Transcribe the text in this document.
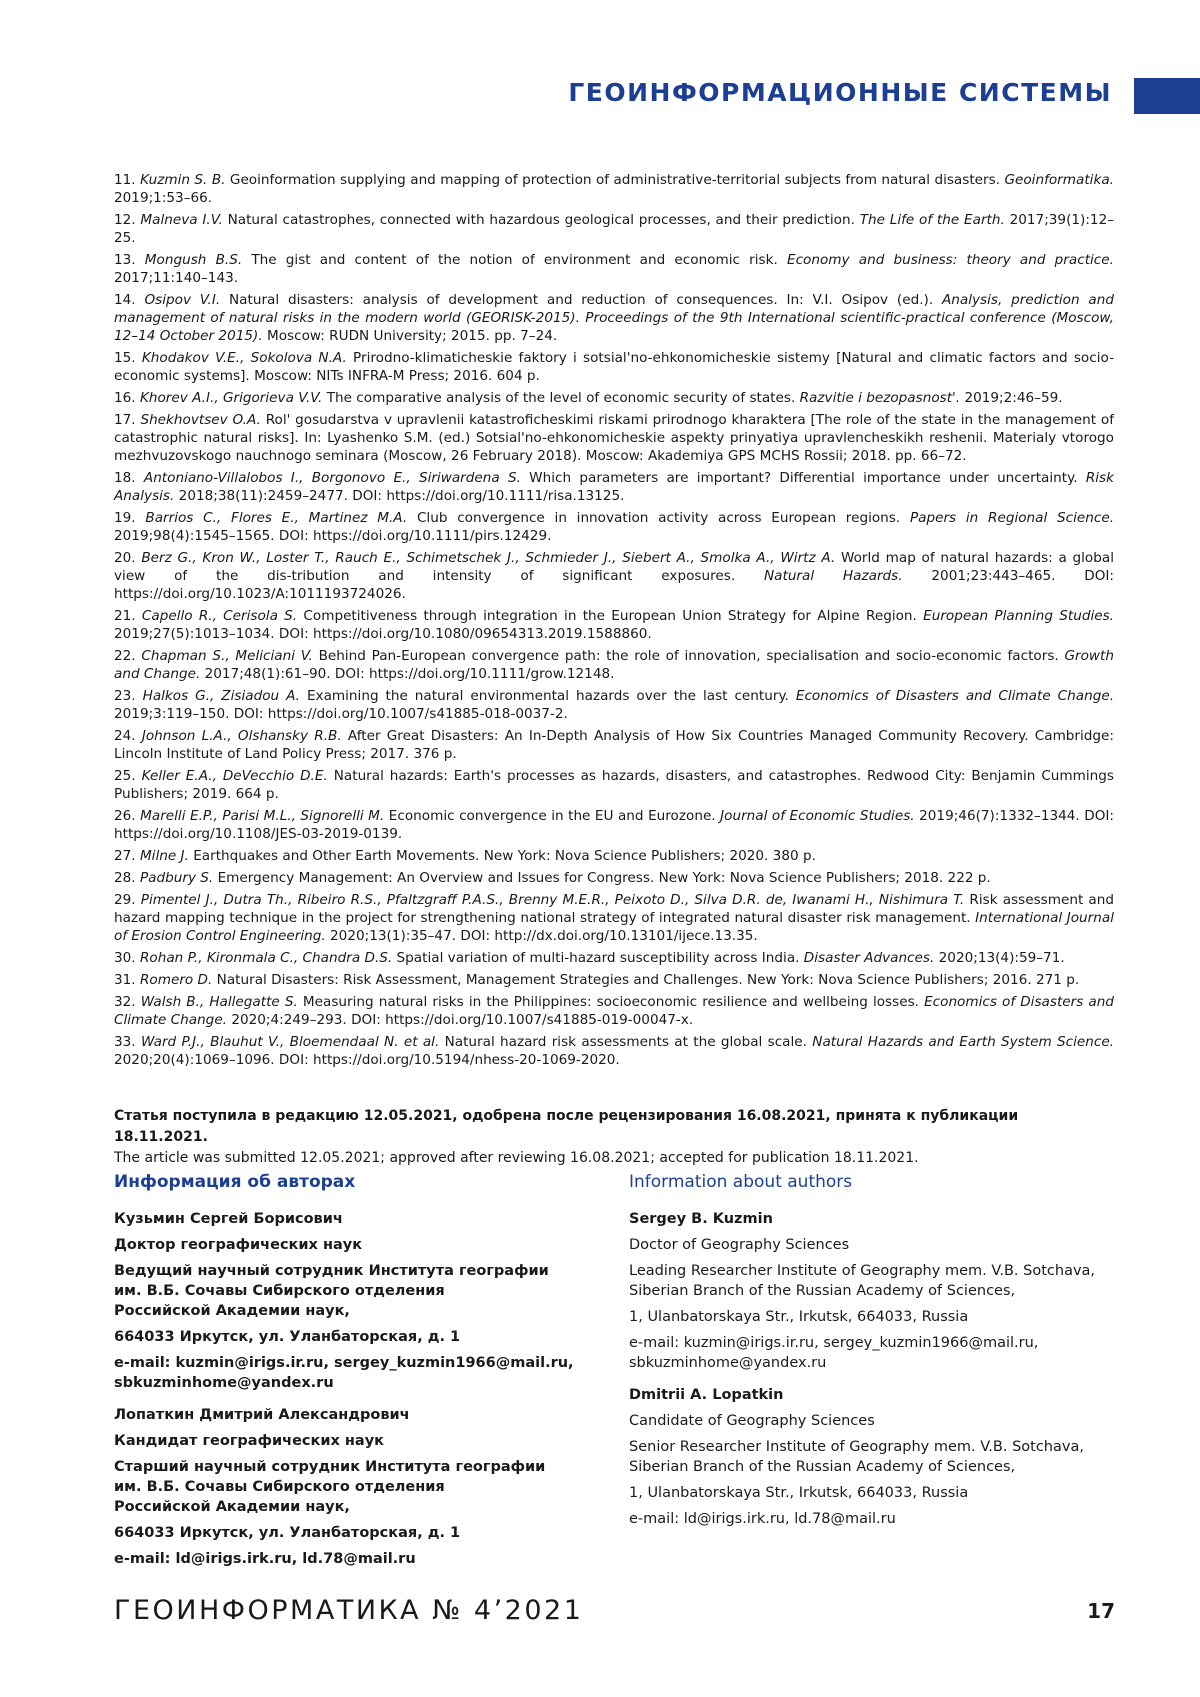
ГЕОИНФОРМАЦИОННЫЕ СИСТЕМЫ
11. Kuzmin S. B. Geoinformation supplying and mapping of protection of administrative-territorial subjects from natural disasters. Geoinformatika. 2019;1:53–66.
12. Malneva I.V. Natural catastrophes, connected with hazardous geological processes, and their prediction. The Life of the Earth. 2017;39(1):12–25.
13. Mongush B.S. The gist and content of the notion of environment and economic risk. Economy and business: theory and practice. 2017;11:140–143.
14. Osipov V.I. Natural disasters: analysis of development and reduction of consequences. In: V.I. Osipov (ed.). Analysis, prediction and management of natural risks in the modern world (GEORISK-2015). Proceedings of the 9th International scientific-practical conference (Moscow, 12–14 October 2015). Moscow: RUDN University; 2015. pp. 7–24.
15. Khodakov V.E., Sokolova N.A. Prirodno-klimaticheskie faktory i sotsial'no-ehkonomicheskie sistemy [Natural and climatic factors and socio-economic systems]. Moscow: NITs INFRA-M Press; 2016. 604 p.
16. Khorev A.I., Grigorieva V.V. The comparative analysis of the level of economic security of states. Razvitie i bezopasnost'. 2019;2:46–59.
17. Shekhovtsev O.A. Rol' gosudarstva v upravlenii katastroficheskimi riskami prirodnogo kharaktera [The role of the state in the management of catastrophic natural risks]. In: Lyashenko S.M. (ed.) Sotsial'no-ehkonomicheskie aspekty prinyatiya upravlencheskikh reshenii. Materialy vtorogo mezhvuzovskogo nauchnogo seminara (Moscow, 26 February 2018). Moscow: Akademiya GPS MCHS Rossii; 2018. pp. 66–72.
18. Antoniano-Villalobos I., Borgonovo E., Siriwardena S. Which parameters are important? Differential importance under uncertainty. Risk Analysis. 2018;38(11):2459–2477. DOI: https://doi.org/10.1111/risa.13125.
19. Barrios C., Flores E., Martinez M.A. Club convergence in innovation activity across European regions. Papers in Regional Science. 2019;98(4):1545–1565. DOI: https://doi.org/10.1111/pirs.12429.
20. Berz G., Kron W., Loster T., Rauch E., Schimetschek J., Schmieder J., Siebert A., Smolka A., Wirtz A. World map of natural hazards: a global view of the dis-tribution and intensity of significant exposures. Natural Hazards. 2001;23:443–465. DOI: https://doi.org/10.1023/A:1011193724026.
21. Capello R., Cerisola S. Competitiveness through integration in the European Union Strategy for Alpine Region. European Planning Studies. 2019;27(5):1013–1034. DOI: https://doi.org/10.1080/09654313.2019.1588860.
22. Chapman S., Meliciani V. Behind Pan-European convergence path: the role of innovation, specialisation and socio-economic factors. Growth and Change. 2017;48(1):61–90. DOI: https://doi.org/10.1111/grow.12148.
23. Halkos G., Zisiadou A. Examining the natural environmental hazards over the last century. Economics of Disasters and Climate Change. 2019;3:119–150. DOI: https://doi.org/10.1007/s41885-018-0037-2.
24. Johnson L.A., Olshansky R.B. After Great Disasters: An In-Depth Analysis of How Six Countries Managed Community Recovery. Cambridge: Lincoln Institute of Land Policy Press; 2017. 376 p.
25. Keller E.A., DeVecchio D.E. Natural hazards: Earth's processes as hazards, disasters, and catastrophes. Redwood City: Benjamin Cummings Publishers; 2019. 664 p.
26. Marelli E.P., Parisi M.L., Signorelli M. Economic convergence in the EU and Eurozone. Journal of Economic Studies. 2019;46(7):1332–1344. DOI: https://doi.org/10.1108/JES-03-2019-0139.
27. Milne J. Earthquakes and Other Earth Movements. New York: Nova Science Publishers; 2020. 380 p.
28. Padbury S. Emergency Management: An Overview and Issues for Congress. New York: Nova Science Publishers; 2018. 222 p.
29. Pimentel J., Dutra Th., Ribeiro R.S., Pfaltzgraff P.A.S., Brenny M.E.R., Peixoto D., Silva D.R. de, Iwanami H., Nishimura T. Risk assessment and hazard mapping technique in the project for strengthening national strategy of integrated natural disaster risk management. International Journal of Erosion Control Engineering. 2020;13(1):35–47. DOI: http://dx.doi.org/10.13101/ijece.13.35.
30. Rohan P., Kironmala C., Chandra D.S. Spatial variation of multi-hazard susceptibility across India. Disaster Advances. 2020;13(4):59–71.
31. Romero D. Natural Disasters: Risk Assessment, Management Strategies and Challenges. New York: Nova Science Publishers; 2016. 271 p.
32. Walsh B., Hallegatte S. Measuring natural risks in the Philippines: socioeconomic resilience and wellbeing losses. Economics of Disasters and Climate Change. 2020;4:249–293. DOI: https://doi.org/10.1007/s41885-019-00047-x.
33. Ward P.J., Blauhut V., Bloemendaal N. et al. Natural hazard risk assessments at the global scale. Natural Hazards and Earth System Science. 2020;20(4):1069–1096. DOI: https://doi.org/10.5194/nhess-20-1069-2020.
Статья поступила в редакцию 12.05.2021, одобрена после рецензирования 16.08.2021, принята к публикации 18.11.2021.
The article was submitted 12.05.2021; approved after reviewing 16.08.2021; accepted for publication 18.11.2021.
Информация об авторах
Кузьмин Сергей Борисович
Доктор географических наук
Ведущий научный сотрудник Института географии
им. В.Б. Сочавы Сибирского отделения
Российской Академии наук,
664033 Иркутск, ул. Уланбаторская, д. 1
e-mail: kuzmin@irigs.ir.ru, sergey_kuzmin1966@mail.ru,
sbkuzminhome@yandex.ru
Лопаткин Дмитрий Александрович
Кандидат географических наук
Старший научный сотрудник Института географии
им. В.Б. Сочавы Сибирского отделения
Российской Академии наук,
664033 Иркутск, ул. Уланбаторская, д. 1
e-mail: ld@irigs.irk.ru, ld.78@mail.ru
Information about authors
Sergey B. Kuzmin
Doctor of Geography Sciences
Leading Researcher Institute of Geography mem. V.B. Sotchava,
Siberian Branch of the Russian Academy of Sciences,
1, Ulanbatorskaya Str., Irkutsk, 664033, Russia
e-mail: kuzmin@irigs.ir.ru, sergey_kuzmin1966@mail.ru,
sbkuzminhome@yandex.ru
Dmitrii A. Lopatkin
Candidate of Geography Sciences
Senior Researcher Institute of Geography mem. V.B. Sotchava,
Siberian Branch of the Russian Academy of Sciences,
1, Ulanbatorskaya Str., Irkutsk, 664033, Russia
e-mail: ld@irigs.irk.ru, ld.78@mail.ru
ГЕОИНФОРМАТИКА № 4’2021	17
